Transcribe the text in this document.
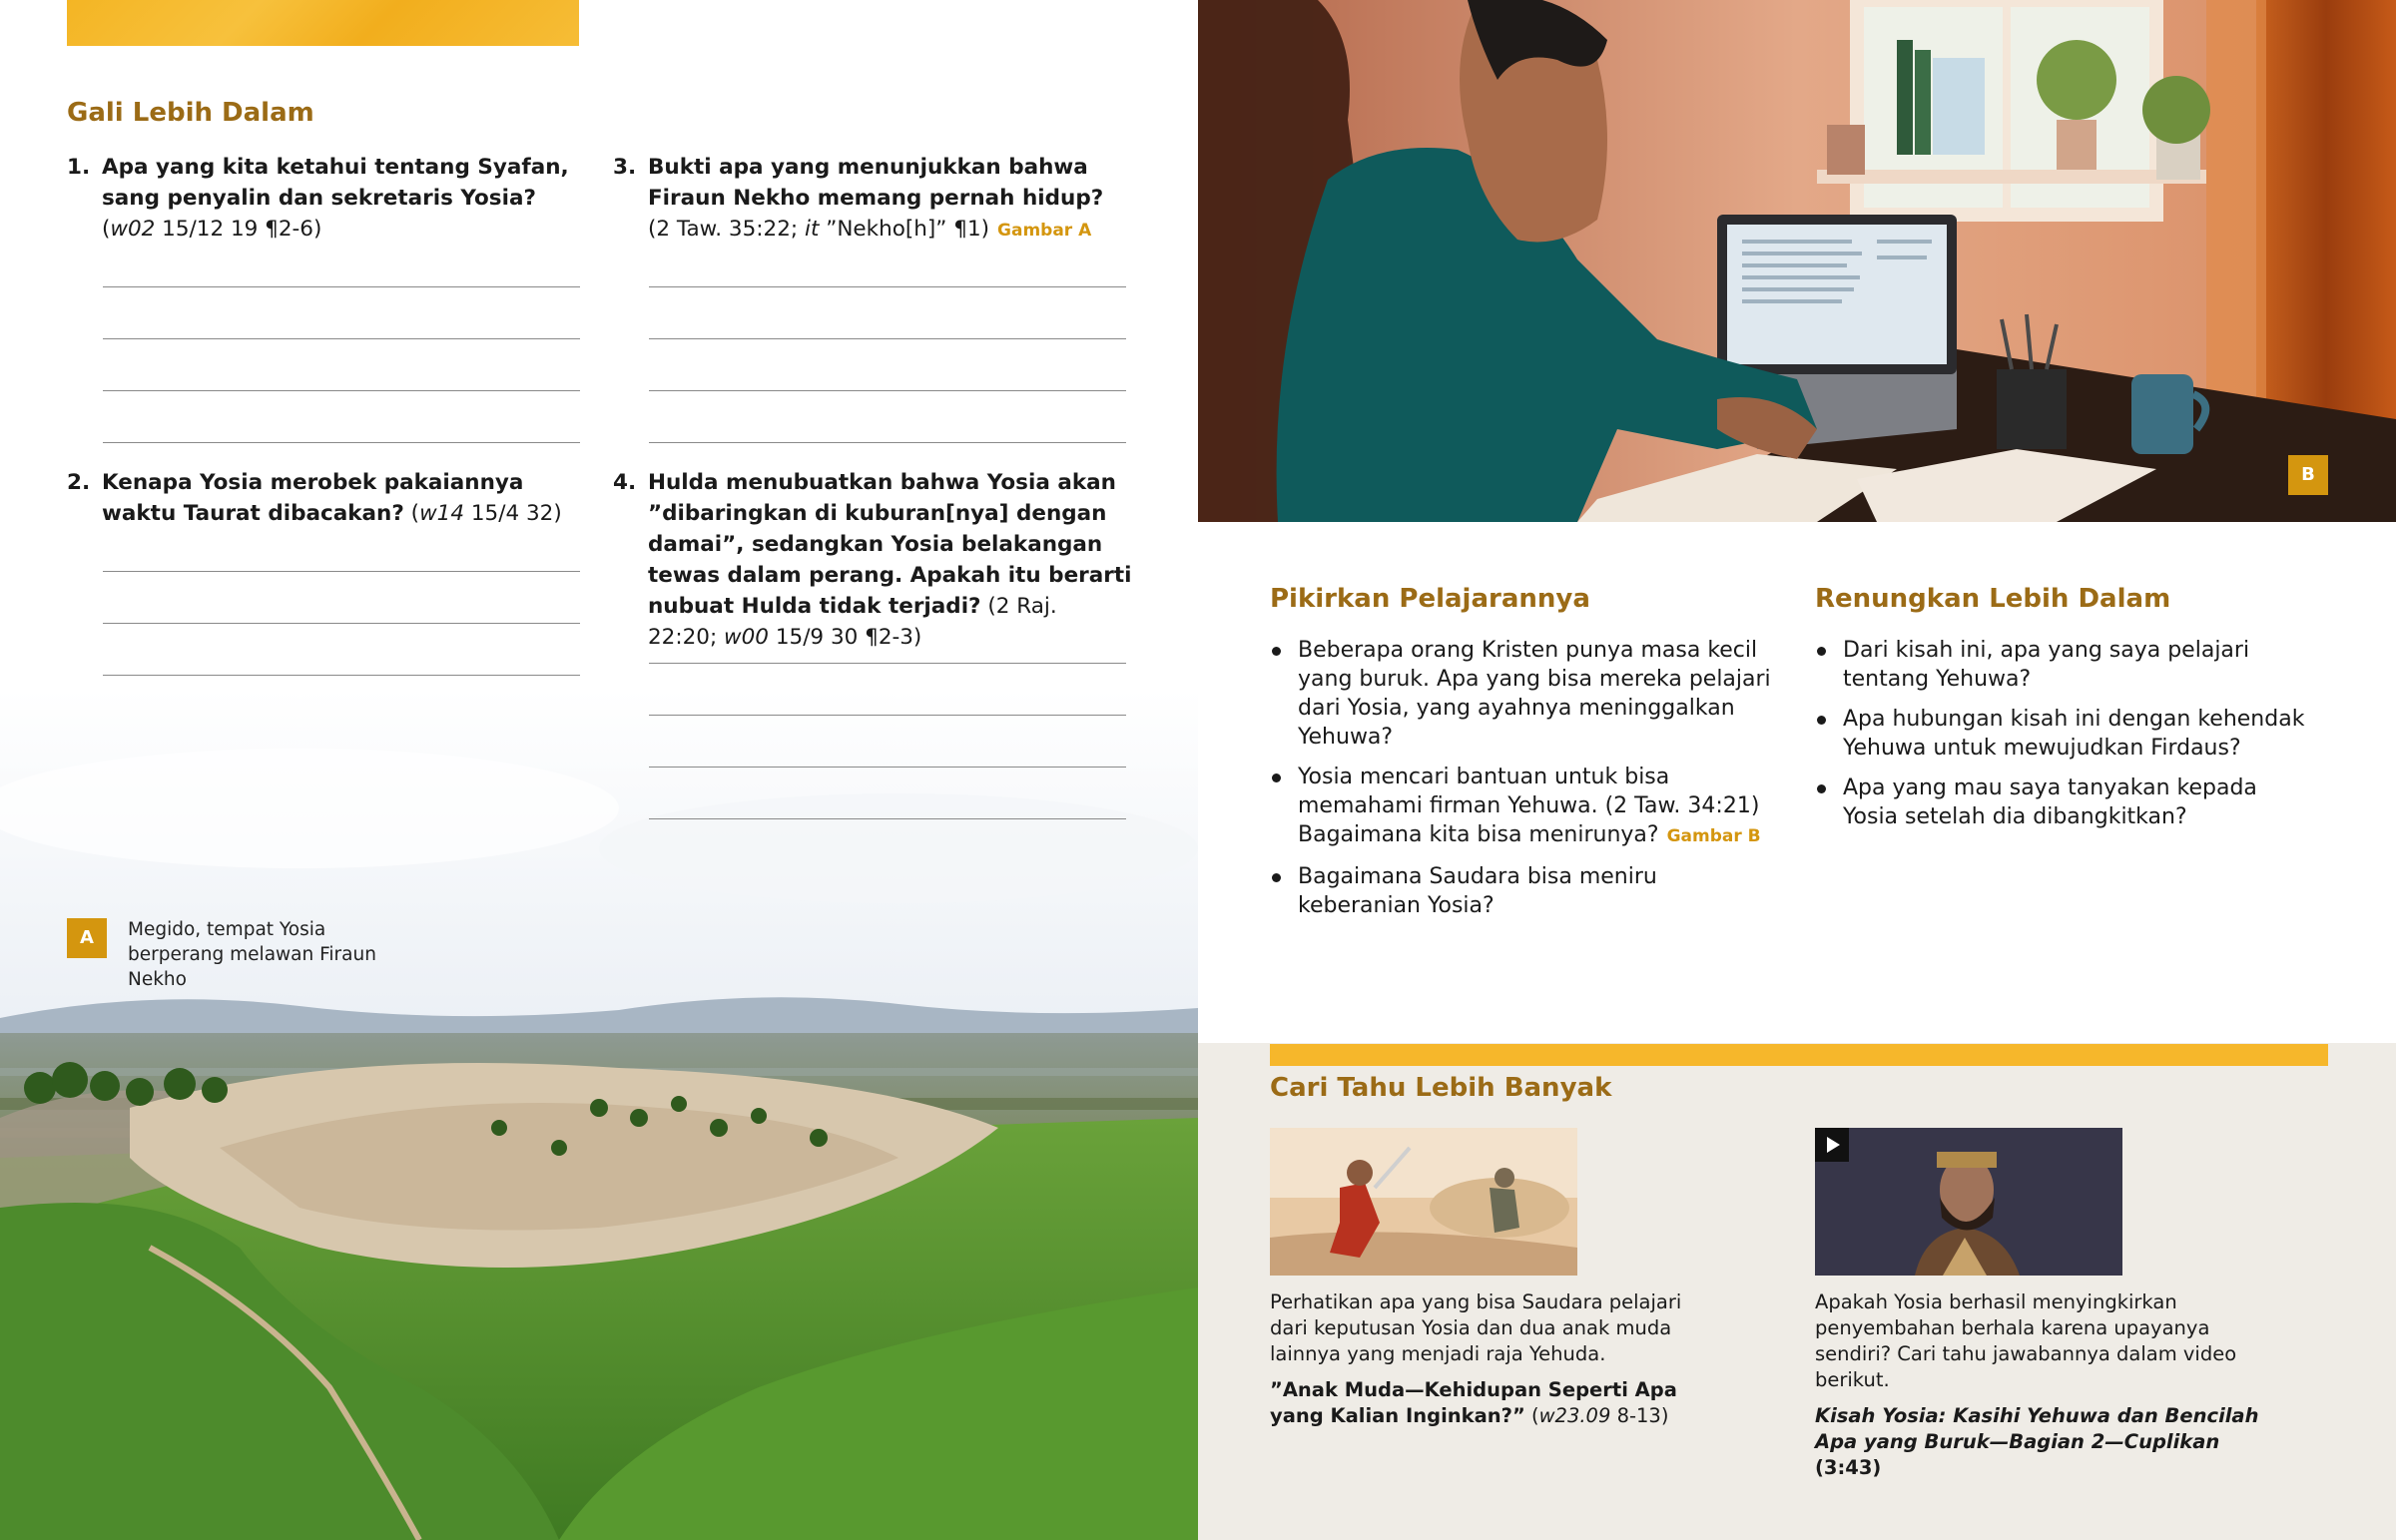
Gali Lebih Dalam
1. Apa yang kita ketahui tentang Syafan, sang penyalin dan sekretaris Yosia?
(w02 15/12 19 ¶2-6)
2. Kenapa Yosia merobek pakaiannya waktu Taurat dibacakan? (w14 15/4 32)
A	Megido, tempat Yosia berperang melawan Firaun Nekho
3. Bukti apa yang menunjukkan bahwa Firaun Nekho memang pernah hidup?
(2 Taw. 35:22; it ”Nekho[h]” ¶1) Gambar A
4. Hulda menubuatkan bahwa Yosia akan ”dibaringkan di kuburan[nya] dengan damai”, sedangkan Yosia belakangan tewas dalam perang. Apakah itu berarti nubuat Hulda tidak terjadi? (2 Raj. 22:20; w00 15/9 30 ¶2-3)
B
Pikirkan Pelajarannya
Beberapa orang Kristen punya masa kecil yang buruk. Apa yang bisa mereka pelajari dari Yosia, yang ayahnya meninggalkan Yehuwa?
Yosia mencari bantuan untuk bisa memahami firman Yehuwa. (2 Taw. 34:21) Bagaimana kita bisa menirunya? Gambar B
Bagaimana Saudara bisa meniru keberanian Yosia?
Renungkan Lebih Dalam
Dari kisah ini, apa yang saya pelajari tentang Yehuwa?
Apa hubungan kisah ini dengan kehendak Yehuwa untuk mewujudkan Firdaus?
Apa yang mau saya tanyakan kepada Yosia setelah dia dibangkitkan?
Cari Tahu Lebih Banyak
Perhatikan apa yang bisa Saudara pelajari dari keputusan Yosia dan dua anak muda lainnya yang menjadi raja Yehuda.
”Anak Muda—Kehidupan Seperti Apa yang Kalian Inginkan?” (w23.09 8-13)
Apakah Yosia berhasil menyingkirkan penyembahan berhala karena upayanya sendiri? Cari tahu jawabannya dalam video berikut.
Kisah Yosia: Kasihi Yehuwa dan Bencilah Apa yang Buruk—Bagian 2—Cuplikan (3:43)
